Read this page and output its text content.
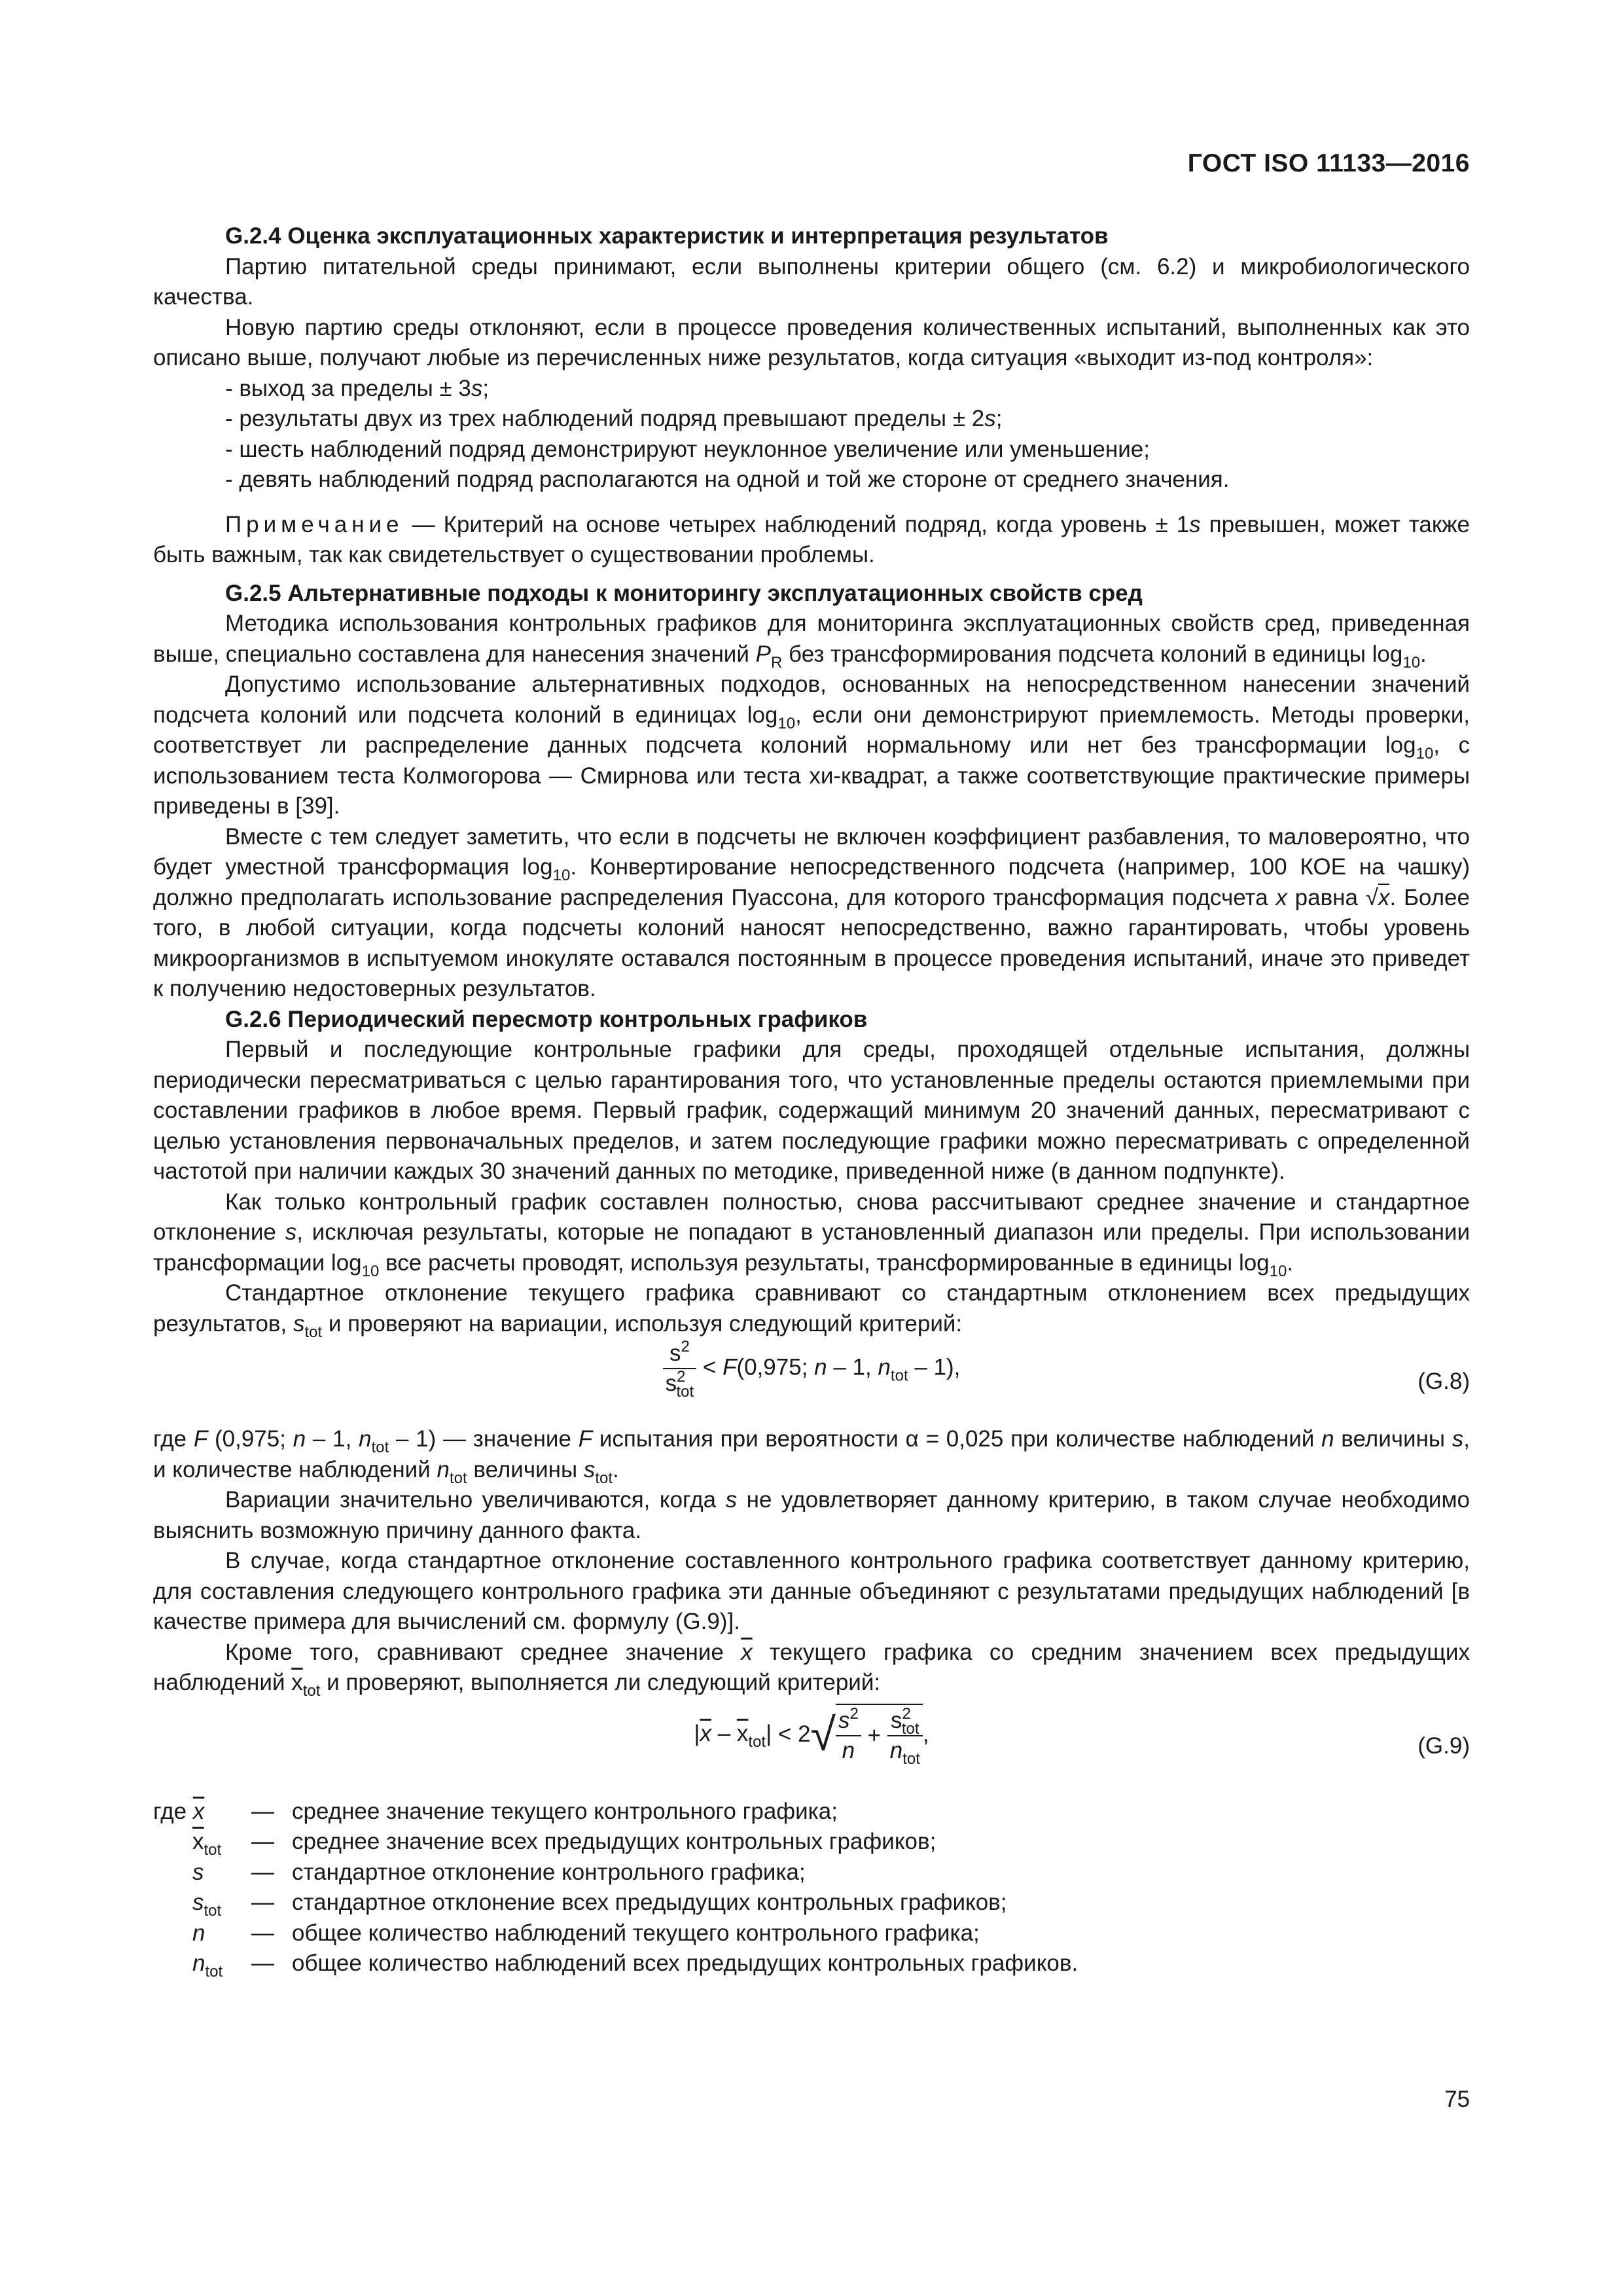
ГОСТ ISO 11133—2016

G.2.4 Оценка эксплуатационных характеристик и интерпретация результатов

Партию питательной среды принимают, если выполнены критерии общего (см. 6.2) и микробиологического качества.

Новую партию среды отклоняют, если в процессе проведения количественных испытаний, выполненных как это описано выше, получают любые из перечисленных ниже результатов, когда ситуация «выходит из-под контроля»:

- выход за пределы ± 3s;

- результаты двух из трех наблюдений подряд превышают пределы ± 2s;

- шесть наблюдений подряд демонстрируют неуклонное увеличение или уменьшение;

- девять наблюдений подряд располагаются на одной и той же стороне от среднего значения.

Примечание — Критерий на основе четырех наблюдений подряд, когда уровень ± 1s превышен, может также быть важным, так как свидетельствует о существовании проблемы.

G.2.5 Альтернативные подходы к мониторингу эксплуатационных свойств сред

Методика использования контрольных графиков для мониторинга эксплуатационных свойств сред, приведенная выше, специально составлена для нанесения значений $P_R$ без трансформирования подсчета колоний в единицы $\log_{10}$.

Допустимо использование альтернативных подходов, основанных на непосредственном нанесении значений подсчета колоний или подсчета колоний в единицах $\log_{10}$, если они демонстрируют приемлемость. Методы проверки, соответствует ли распределение данных подсчета колоний нормальному или нет без трансформации $\log_{10}$, с использованием теста Колмогорова — Смирнова или теста хи-квадрат, а также соответствующие практические примеры приведены в [39].

Вместе с тем следует заметить, что если в подсчеты не включен коэффициент разбавления, то маловероятно, что будет уместной трансформация $\log_{10}$. Конвертирование непосредственного подсчета (например, 100 КОЕ на чашку) должно предполагать использование распределения Пуассона, для которого трансформация подсчета x равна √x. Более того, в любой ситуации, когда подсчеты колоний наносят непосредственно, важно гарантировать, чтобы уровень микроорганизмов в испытуемом инокуляте оставался постоянным в процессе проведения испытаний, иначе это приведет к получению недостоверных результатов.

G.2.6 Периодический пересмотр контрольных графиков

Первый и последующие контрольные графики для среды, проходящей отдельные испытания, должны периодически пересматриваться с целью гарантирования того, что установленные пределы остаются приемлемыми при составлении графиков в любое время. Первый график, содержащий минимум 20 значений данных, пересматривают с целью установления первоначальных пределов, и затем последующие графики можно пересматривать с определенной частотой при наличии каждых 30 значений данных по методике, приведенной ниже (в данном подпункте).

Как только контрольный график составлен полностью, снова рассчитывают среднее значение и стандартное отклонение s, исключая результаты, которые не попадают в установленный диапазон или пределы. При использовании трансформации $\log_{10}$ все расчеты проводят, используя результаты, трансформированные в единицы $\log_{10}$.

Стандартное отклонение текущего графика сравнивают со стандартным отклонением всех предыдущих результатов, $s_{tot}$ и проверяют на вариации, используя следующий критерий:

$\frac{s^2}{s^2_{tot}} < F(0,975$; n – 1, $n_{tot} - 1$),
(G.8)

где F (0,975; n – 1, $n_{tot} - 1$) — значение F испытания при вероятности α = 0,025 при количестве наблюдений n величины s, и количестве наблюдений $n_{tot}$ величины $s_{tot}$.

Вариации значительно увеличиваются, когда s не удовлетворяет данному критерию, в таком случае необходимо выяснить возможную причину данного факта.

В случае, когда стандартное отклонение составленного контрольного графика соответствует данному критерию, для составления следующего контрольного графика эти данные объединяют с результатами предыдущих наблюдений [в качестве примера для вычислений см. формулу (G.9)].

Кроме того, сравнивают среднее значение $\overline{x}$ текущего графика со средним значением всех предыдущих наблюдений $\overline{x}_{tot}$ и проверяют, выполняется ли следующий критерий:

$|\overline{x} - \overline{x}_{tot}| < 2√ \frac{s^2}{n} + \frac{s^2_{tot}}{n_{tot}}$ ,	(G.9)

где $\overline{x}$	— среднее значение текущего контрольного графика;

$\overline{x}_{tot}$	— среднее значение всех предыдущих контрольных графиков;

s	— стандартное отклонение контрольного графика;

$s_{tot}$	— стандартное отклонение всех предыдущих контрольных графиков;

n	— общее количество наблюдений текущего контрольного графика;

$n_{tot}$	— общее количество наблюдений всех предыдущих контрольных графиков.

75
